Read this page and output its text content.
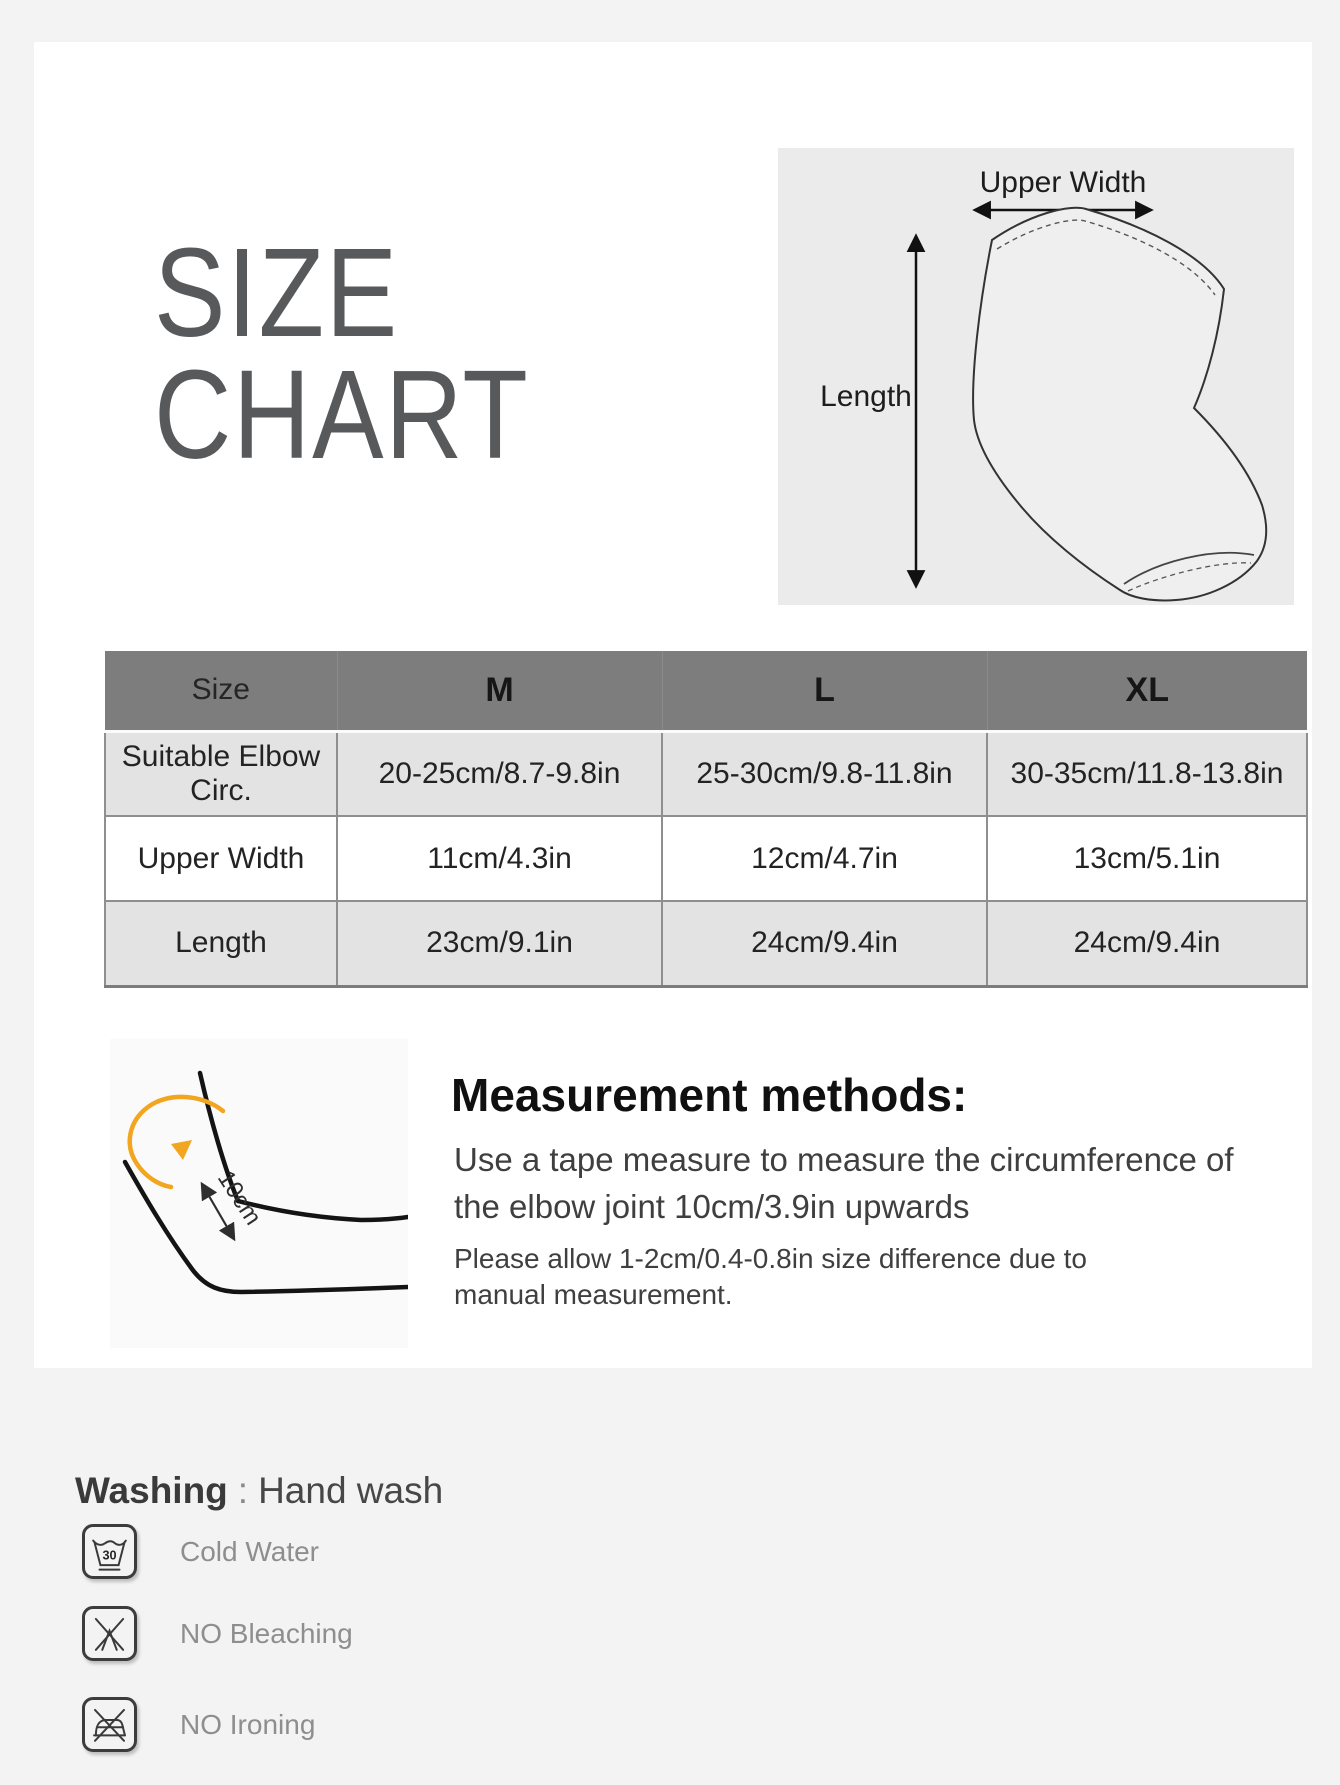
SIZE
CHART
Upper Width
Length
Size	M	L	XL
Suitable Elbow Circ.	20-25cm/8.7-9.8in	25-30cm/9.8-11.8in	30-35cm/11.8-13.8in
Upper Width	11cm/4.3in	12cm/4.7in	13cm/5.1in
Length	23cm/9.1in	24cm/9.4in	24cm/9.4in
10cm
Measurement methods:

Use a tape measure to measure the circumference of the elbow joint 10cm/3.9in upwards

Please allow 1-2cm/0.4-0.8in size difference due to manual measurement.

Washing : Hand wash
30 Cold Water
NO Bleaching
NO Ironing
